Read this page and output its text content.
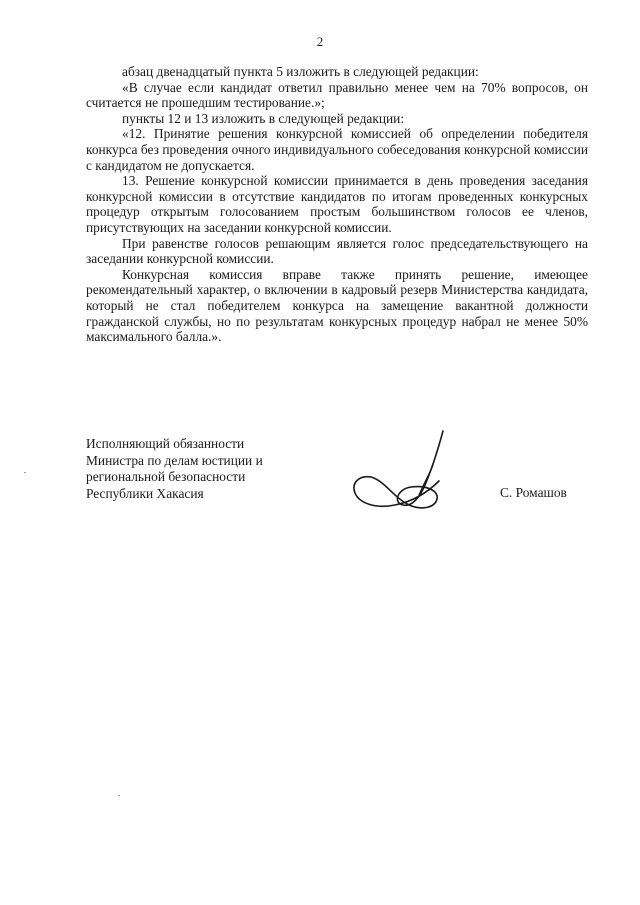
2

абзац двенадцатый пункта 5 изложить в следующей редакции:

«В случае если кандидат ответил правильно менее чем на 70% вопросов, он считается не прошедшим тестирование.»;

пункты 12 и 13 изложить в следующей редакции:

«12. Принятие решения конкурсной комиссией об определении победителя конкурса без проведения очного индивидуального собеседования конкурсной комиссии с кандидатом не допускается.

13. Решение конкурсной комиссии принимается в день проведения заседания конкурсной комиссии в отсутствие кандидатов по итогам проведенных конкурсных процедур открытым голосованием простым большинством голосов ее членов, присутствующих на заседании конкурсной комиссии.

При равенстве голосов решающим является голос председательствующего на заседании конкурсной комиссии.

Конкурсная комиссия вправе также принять решение, имеющее рекомендательный характер, о включении в кадровый резерв Министерства кандидата, который не стал победителем конкурса на замещение вакантной должности гражданской службы, но по результатам конкурсных процедур набрал не менее 50% максимального балла.».

Исполняющий обязанности
Министра по делам юстиции и
региональной безопасности
Республики Хакасия	С. Ромашов
